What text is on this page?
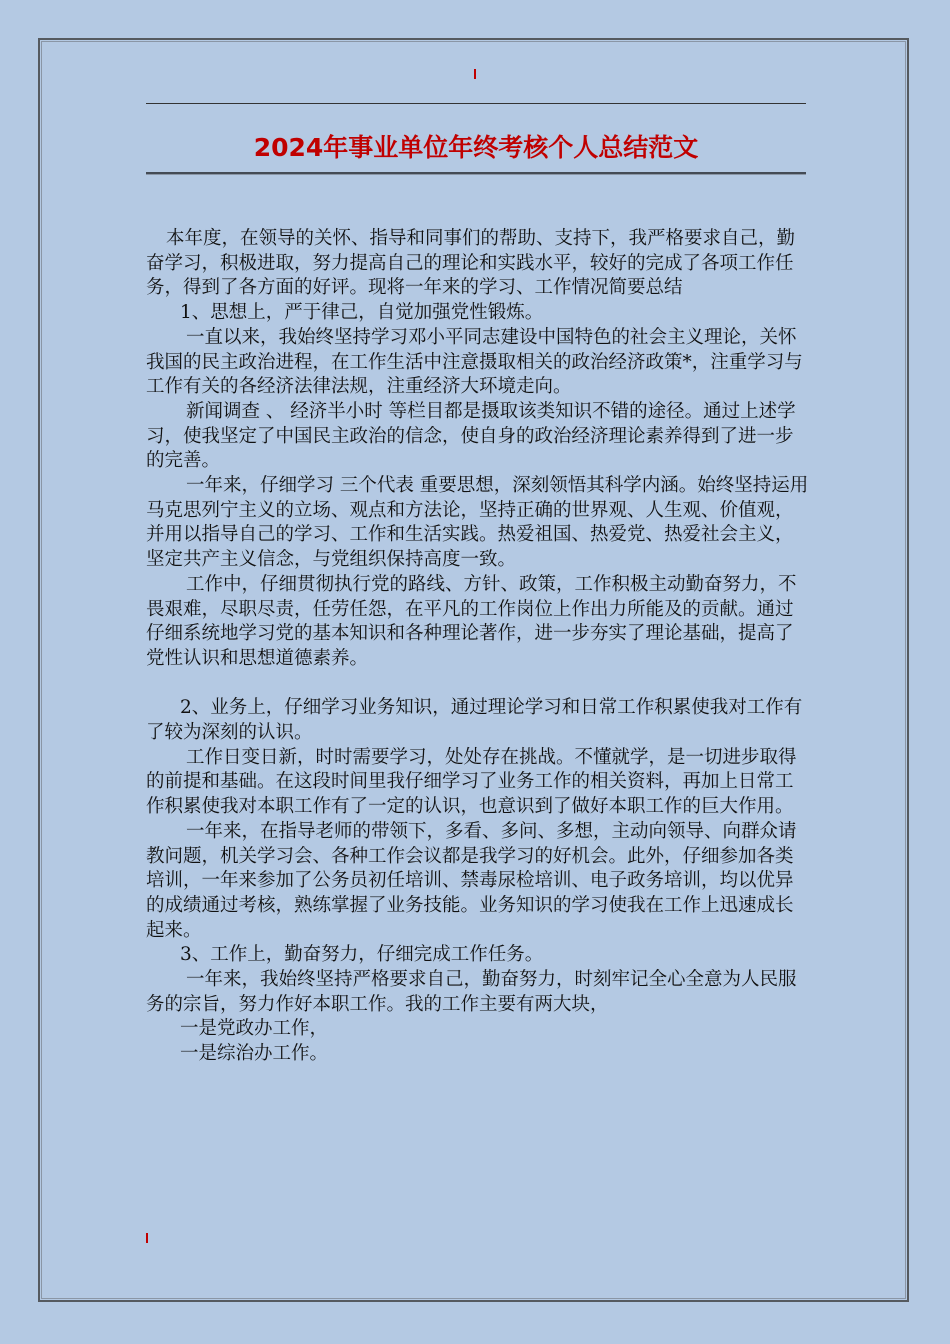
2024年事业单位年终考核个人总结范文

本年度，在领导的关怀、指导和同事们的帮助、支持下，我严格要求自己，勤奋学习，积极进取，努力提高自己的理论和实践水平，较好的完成了各项工作任务，得到了各方面的好评。现将一年来的学习、工作情况简要总结

1、思想上，严于律己，自觉加强党性锻炼。

一直以来，我始终坚持学习邓小平同志建设中国特色的社会主义理论，关怀我国的民主政治进程，在工作生活中注意摄取相关的政治经济政策*，注重学习与工作有关的各经济法律法规，注重经济大环境走向。

新闻调查 、 经济半小时 等栏目都是摄取该类知识不错的途径。通过上述学习，使我坚定了中国民主政治的信念，使自身的政治经济理论素养得到了进一步的完善。

一年来，仔细学习 三个代表 重要思想，深刻领悟其科学内涵。始终坚持运用马克思列宁主义的立场、观点和方法论，坚持正确的世界观、人生观、价值观，并用以指导自己的学习、工作和生活实践。热爱祖国、热爱党、热爱社会主义，坚定共产主义信念，与党组织保持高度一致。

工作中，仔细贯彻执行党的路线、方针、政策，工作积极主动勤奋努力，不畏艰难，尽职尽责，任劳任怨，在平凡的工作岗位上作出力所能及的贡献。通过仔细系统地学习党的基本知识和各种理论著作，进一步夯实了理论基础，提高了党性认识和思想道德素养。

2、业务上，仔细学习业务知识，通过理论学习和日常工作积累使我对工作有了较为深刻的认识。

工作日变日新，时时需要学习，处处存在挑战。不懂就学，是一切进步取得的前提和基础。在这段时间里我仔细学习了业务工作的相关资料，再加上日常工作积累使我对本职工作有了一定的认识，也意识到了做好本职工作的巨大作用。

一年来，在指导老师的带领下，多看、多问、多想，主动向领导、向群众请教问题，机关学习会、各种工作会议都是我学习的好机会。此外，仔细参加各类培训，一年来参加了公务员初任培训、禁毒尿检培训、电子政务培训，均以优异的成绩通过考核，熟练掌握了业务技能。业务知识的学习使我在工作上迅速成长起来。

3、工作上，勤奋努力，仔细完成工作任务。

一年来，我始终坚持严格要求自己，勤奋努力，时刻牢记全心全意为人民服务的宗旨，努力作好本职工作。我的工作主要有两大块，

一是党政办工作，

一是综治办工作。
